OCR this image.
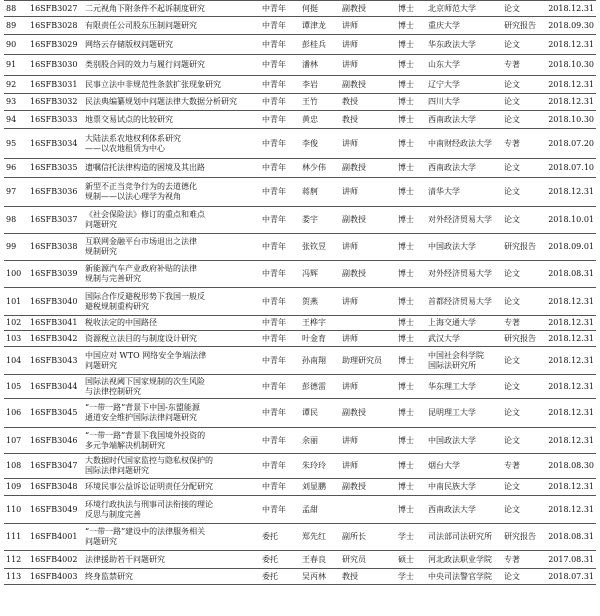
88	16SFB3027	二元视角下附条件不起诉制度研究	中青年	何挺	副教授	博士	北京师范大学	论文	2018.12.31
89	16SFB3028	有限责任公司股东压制问题研究	中青年	谭津龙	讲师	博士	重庆大学	研究报告	2018.09.30
90	16SFB3029	网络云存储版权问题研究	中青年	彭桂兵	讲师	博士	华东政法大学	论文	2018.12.31
91	16SFB3030	类别股合同的效力与履行问题研究	中青年	潘林	讲师	博士	山东大学	专著	2018.10.30
92	16SFB3031	民事立法中非规范性条款扩张现象研究	中青年	李岩	副教授	博士	辽宁大学	论文	2018.12.31
93	16SFB3032	民法典编纂规划中问题法律大数据分析研究	中青年	王竹	教授	博士	四川大学	论文	2018.12.31
94	16SFB3033	地票交易试点的比较研究	中青年	黄忠	教授	博士	西南政法大学	论文	2018.10.30
95	16SFB3034	大陆法系农地权利体系研究
——以农地租赁为中心	中青年	李俊	讲师	博士	中南财经政法大学	专著	2018.07.20
96	16SFB3035	遗嘱信托法律构造的困境及其出路	中青年	林少伟	副教授	博士	西南政法大学	论文	2018.07.10
97	16SFB3036	新型不正当竞争行为的去道德化
规制——以法心理学为视角	中青年	蒋舸	讲师	博士	清华大学	论文	2018.12.31
98	16SFB3037	《社会保险法》修订的重点和难点
问题研究	中青年	娄宇	副教授	博士	对外经济贸易大学	论文	2018.10.01
99	16SFB3038	互联网金融平台市场退出之法律
规制研究	中青年	张钦昱	讲师	博士	中国政法大学	研究报告	2018.09.01
100	16SFB3039	新能源汽车产业政府补贴的法律
规制与完善研究	中青年	冯辉	副教授	博士	对外经济贸易大学	论文	2018.08.31
101	16SFB3040	国际合作反避税形势下我国一般反
避税规制重构研究	中青年	贺燕	讲师	博士	首都经济贸易大学	论文	2018.12.31
102	16SFB3041	税收法定的中国路径	中青年	王桦宇		博士	上海交通大学	专著	2018.12.31
103	16SFB3042	资源税立法目的与制度设计研究	中青年	叶金育	讲师	博士	武汉大学	研究报告	2018.12.31
104	16SFB3043	中国应对 WTO 网络安全争端法律
问题研究	中青年	孙南翔	助理研究员	博士	中国社会科学院
国际法研究所	论文	2018.12.31
105	16SFB3044	国际法视阈下国家规制的次生风险
与法律控制研究	中青年	彭德雷	讲师	博士	华东理工大学	论文	2018.12.31
106	16SFB3045	“一带一路”背景下中国-东盟能源
通道安全维护国际法律问题研究	中青年	谭民	副教授	博士	昆明理工大学	论文	2018.12.31
107	16SFB3046	“一带一路”背景下我国境外投资的
多元争端解决机制研究	中青年	余丽	讲师	博士	中国政法大学	论文	2018.12.31
108	16SFB3047	大数据时代国家监控与隐私权保护的
国际法律问题研究	中青年	朱玲玲	讲师	博士	烟台大学	专著	2018.08.30
109	16SFB3048	环境民事公益诉讼证明责任分配研究	中青年	刘显鹏	副教授	博士	中南民族大学	论文	2018.12.31
110	16SFB3049	环境行政执法与刑事司法衔接的理论
反思与制度完善	中青年	孟甜		博士	西南政法大学	论文	2018.12.31
111	16SFB4001	“一带一路”建设中的法律服务相关
问题研究	委托	郑先红	副所长	学士	司法部司法研究所	研究报告	2018.08.31
112	16SFB4002	法律援助若干问题研究	委托	王春良	研究员	硕士	河北政法职业学院	专著	2017.08.31
113	16SFB4003	终身监禁研究	委托	吴丙林	教授	学士	中央司法警官学院	论文	2018.07.31
